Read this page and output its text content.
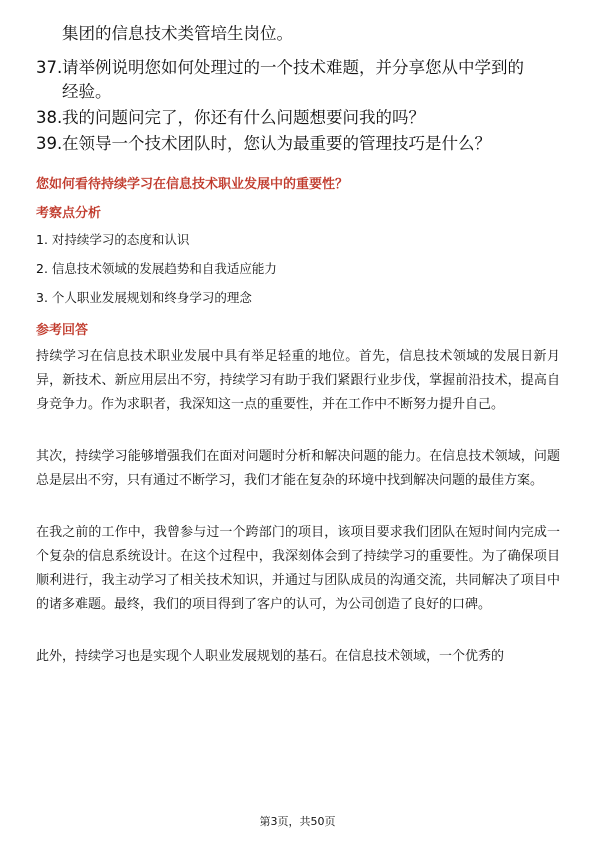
集团的信息技术类管培生岗位。
37. 请举例说明您如何处理过的一个技术难题，并分享您从中学到的
经验。
38. 我的问题问完了，你还有什么问题想要问我的吗？
39. 在领导一个技术团队时，您认为最重要的管理技巧是什么？
您如何看待持续学习在信息技术职业发展中的重要性？
考察点分析
1. 对持续学习的态度和认识
2. 信息技术领域的发展趋势和自我适应能力
3. 个人职业发展规划和终身学习的理念
参考回答

持续学习在信息技术职业发展中具有举足轻重的地位。首先，信息技术领域的发展日新月异，新技术、新应用层出不穷，持续学习有助于我们紧跟行业步伐，掌握前沿技术，提高自身竞争力。作为求职者，我深知这一点的重要性，并在工作中不断努力提升自己。

其次，持续学习能够增强我们在面对问题时分析和解决问题的能力。在信息技术领域，问题总是层出不穷，只有通过不断学习，我们才能在复杂的环境中找到解决问题的最佳方案。

在我之前的工作中，我曾参与过一个跨部门的项目，该项目要求我们团队在短时间内完成一个复杂的信息系统设计。在这个过程中，我深刻体会到了持续学习的重要性。为了确保项目顺利进行，我主动学习了相关技术知识，并通过与团队成员的沟通交流，共同解决了项目中的诸多难题。最终，我们的项目得到了客户的认可，为公司创造了良好的口碑。

此外，持续学习也是实现个人职业发展规划的基石。在信息技术领域，一个优秀的

第3页，共50页
